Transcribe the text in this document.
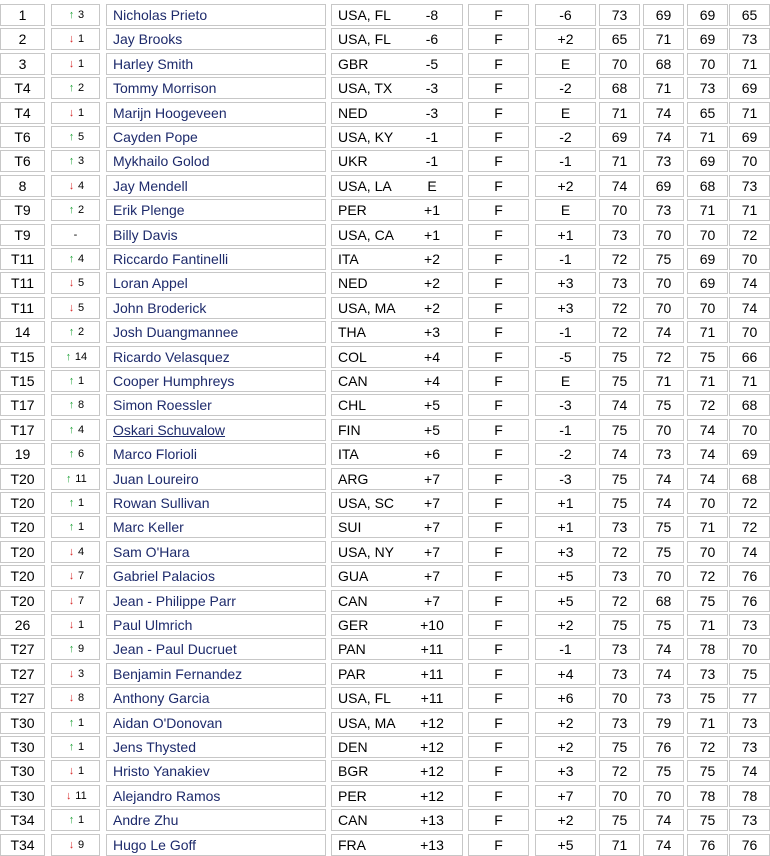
1	↑ 3	Nicholas Prieto	USA, FL	-8	F	-6	73	69	69	65
2	↓ 1	Jay Brooks	USA, FL	-6	F	+2	65	71	69	73
3	↓ 1	Harley Smith	GBR	-5	F	E	70	68	70	71
T4	↑ 2	Tommy Morrison	USA, TX	-3	F	-2	68	71	73	69
T4	↓ 1	Marijn Hoogeveen	NED	-3	F	E	71	74	65	71
T6	↑ 5	Cayden Pope	USA, KY	-1	F	-2	69	74	71	69
T6	↑ 3	Mykhailo Golod	UKR	-1	F	-1	71	73	69	70
8	↓ 4	Jay Mendell	USA, LA	E	F	+2	74	69	68	73
T9	↑ 2	Erik Plenge	PER	+1	F	E	70	73	71	71
T9	-	Billy Davis	USA, CA	+1	F	+1	73	70	70	72
T11	↑ 4	Riccardo Fantinelli	ITA	+2	F	-1	72	75	69	70
T11	↓ 5	Loran Appel	NED	+2	F	+3	73	70	69	74
T11	↓ 5	John Broderick	USA, MA	+2	F	+3	72	70	70	74
14	↑ 2	Josh Duangmannee	THA	+3	F	-1	72	74	71	70
T15	↑ 14	Ricardo Velasquez	COL	+4	F	-5	75	72	75	66
T15	↑ 1	Cooper Humphreys	CAN	+4	F	E	75	71	71	71
T17	↑ 8	Simon Roessler	CHL	+5	F	-3	74	75	72	68
T17	↑ 4	Oskari Schuvalow	FIN	+5	F	-1	75	70	74	70
19	↑ 6	Marco Florioli	ITA	+6	F	-2	74	73	74	69
T20	↑ 11	Juan Loureiro	ARG	+7	F	-3	75	74	74	68
T20	↑ 1	Rowan Sullivan	USA, SC	+7	F	+1	75	74	70	72
T20	↑ 1	Marc Keller	SUI	+7	F	+1	73	75	71	72
T20	↓ 4	Sam O'Hara	USA, NY	+7	F	+3	72	75	70	74
T20	↓ 7	Gabriel Palacios	GUA	+7	F	+5	73	70	72	76
T20	↓ 7	Jean - Philippe Parr	CAN	+7	F	+5	72	68	75	76
26	↓ 1	Paul Ulmrich	GER	+10	F	+2	75	75	71	73
T27	↑ 9	Jean - Paul Ducruet	PAN	+11	F	-1	73	74	78	70
T27	↓ 3	Benjamin Fernandez	PAR	+11	F	+4	73	74	73	75
T27	↓ 8	Anthony Garcia	USA, FL	+11	F	+6	70	73	75	77
T30	↑ 1	Aidan O'Donovan	USA, MA	+12	F	+2	73	79	71	73
T30	↑ 1	Jens Thysted	DEN	+12	F	+2	75	76	72	73
T30	↓ 1	Hristo Yanakiev	BGR	+12	F	+3	72	75	75	74
T30	↓ 11	Alejandro Ramos	PER	+12	F	+7	70	70	78	78
T34	↑ 1	Andre Zhu	CAN	+13	F	+2	75	74	75	73
T34	↓ 9	Hugo Le Goff	FRA	+13	F	+5	71	74	76	76
